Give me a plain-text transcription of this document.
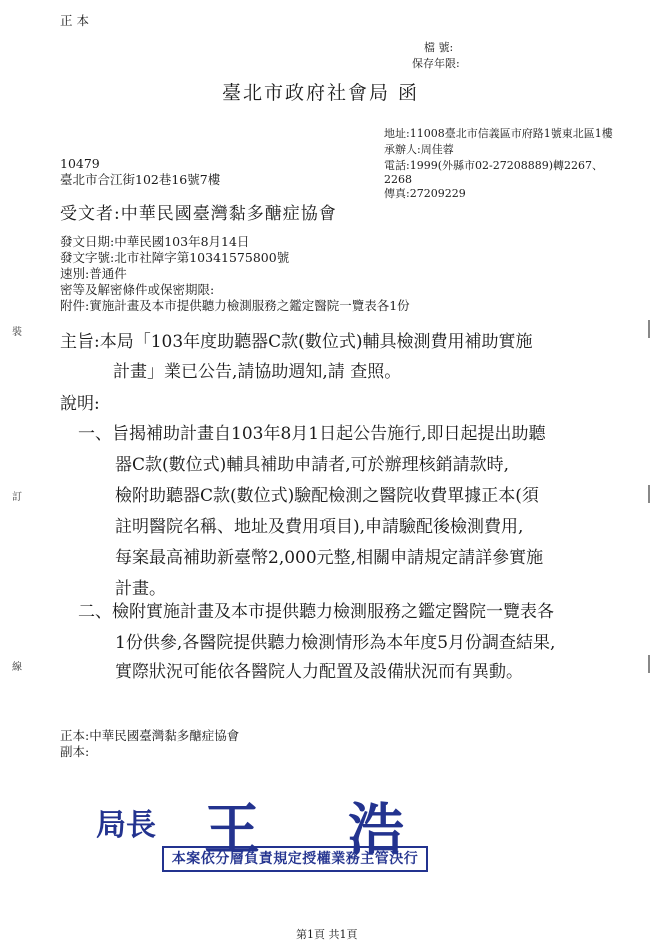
正 本
檔 號:
保存年限:
臺北市政府社會局 函
地址:11008臺北市信義區市府路1號東北區1樓
承辦人:周佳蓉
電話:1999(外縣市02-27208889)轉2267、
2268
傳真:27209229
10479
臺北市合江街102巷16號7樓
受文者:中華民國臺灣黏多醣症協會
發文日期:中華民國103年8月14日
發文字號:北市社障字第10341575800號
速別:普通件
密等及解密條件或保密期限:
附件:實施計畫及本市提供聽力檢測服務之鑑定醫院一覽表各1份
主旨:本局「103年度助聽器C款(數位式)輔具檢測費用補助實施
計畫」業已公告,請協助週知,請 查照。
說明:
一、旨揭補助計畫自103年8月1日起公告施行,即日起提出助聽
器C款(數位式)輔具補助申請者,可於辦理核銷請款時,
檢附助聽器C款(數位式)驗配檢測之醫院收費單據正本(須
註明醫院名稱、地址及費用項目),申請驗配後檢測費用,
每案最高補助新臺幣2,000元整,相關申請規定請詳參實施
計畫。
二、檢附實施計畫及本市提供聽力檢測服務之鑑定醫院一覽表各
1份供參,各醫院提供聽力檢測情形為本年度5月份調查結果,
實際狀況可能依各醫院人力配置及設備狀況而有異動。
正本:中華民國臺灣黏多醣症協會
副本:
局長 王 浩
本案依分層負責規定授權業務主管決行
裝
訂
線
第1頁 共1頁
